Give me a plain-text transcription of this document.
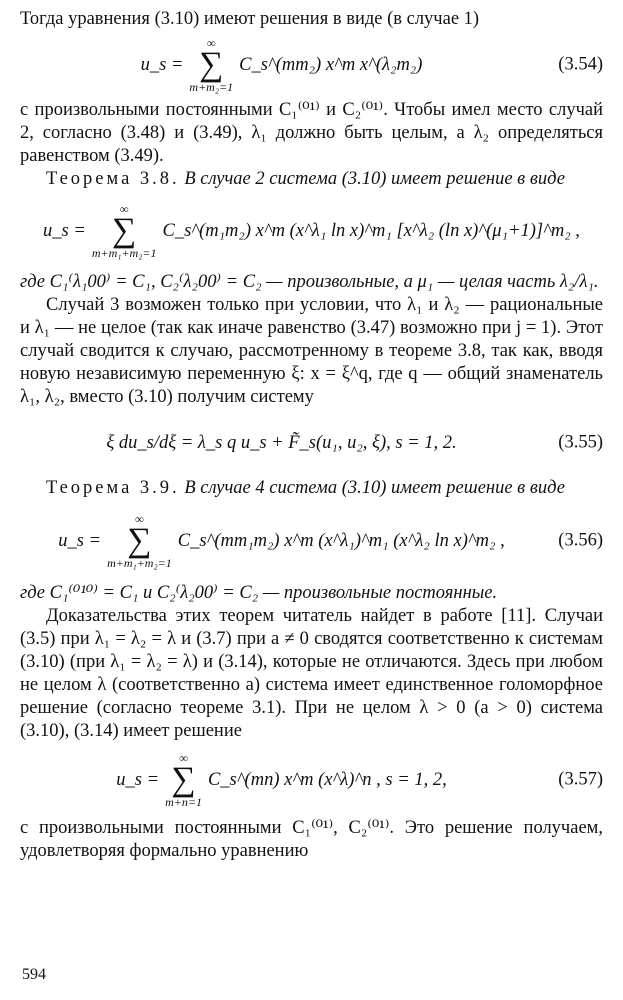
Тогда уравнения (3.10) имеют решения в виде (в случае 1)

u_s =
∞
∑
m+m₂=1
C_s^(mm₂) x^m x^(λ₂m₂)	(3.54)

с произвольными постоянными C₁⁽⁰¹⁾ и C₂⁽⁰¹⁾. Чтобы имел место случай 2, согласно (3.48) и (3.49), λ₁ должно быть целым, а λ₂ определяться равенством (3.49).

Теорема 3.8. В случае 2 система (3.10) имеет решение в виде

u_s =
∞
∑
m+m₁+m₂=1
C_s^(m₁m₂) x^m (x^λ₁ ln x)^m₁ [x^λ₂ (ln x)^(μ₁+1)]^m₂ ,

где C₁⁽λ₁00⁾ = C₁, C₂⁽λ₂00⁾ = C₂ — произвольные, а μ₁ — целая часть λ₂/λ₁.

Случай 3 возможен только при условии, что λ₁ и λ₂ — рациональные и λ₁ — не целое (так как иначе равенство (3.47) возможно при j = 1). Этот случай сводится к случаю, рассмотренному в теореме 3.8, так как, вводя новую независимую переменную ξ: x = ξ^q, где q — общий знаменатель λ₁, λ₂, вместо (3.10) получим систему

ξ du_s/dξ = λ_s q u_s + F̃_s(u₁, u₂, ξ), s = 1, 2.	(3.55)

Теорема 3.9. В случае 4 система (3.10) имеет решение в виде

u_s =
∞
∑
m+m₁+m₂=1
C_s^(mm₁m₂) x^m (x^λ₁)^m₁ (x^λ₂ ln x)^m₂ ,	(3.56)

где C₁⁽⁰¹⁰⁾ = C₁ и C₂⁽λ₂00⁾ = C₂ — произвольные постоянные.

Доказательства этих теорем читатель найдет в работе [11]. Случаи (3.5) при λ₁ = λ₂ = λ и (3.7) при a ≠ 0 сводятся соответственно к системам (3.10) (при λ₁ = λ₂ = λ) и (3.14), которые не отличаются. Здесь при любом не целом λ (соответственно a) система имеет единственное голоморфное решение (согласно теореме 3.1). При не целом λ > 0 (a > 0) система (3.10), (3.14) имеет решение

u_s =
∞
∑
m+n=1
C_s^(mn) x^m (x^λ)^n , s = 1, 2,	(3.57)

с произвольными постоянными C₁⁽⁰¹⁾, C₂⁽⁰¹⁾. Это решение получаем, удовлетворяя формально уравнению

594
